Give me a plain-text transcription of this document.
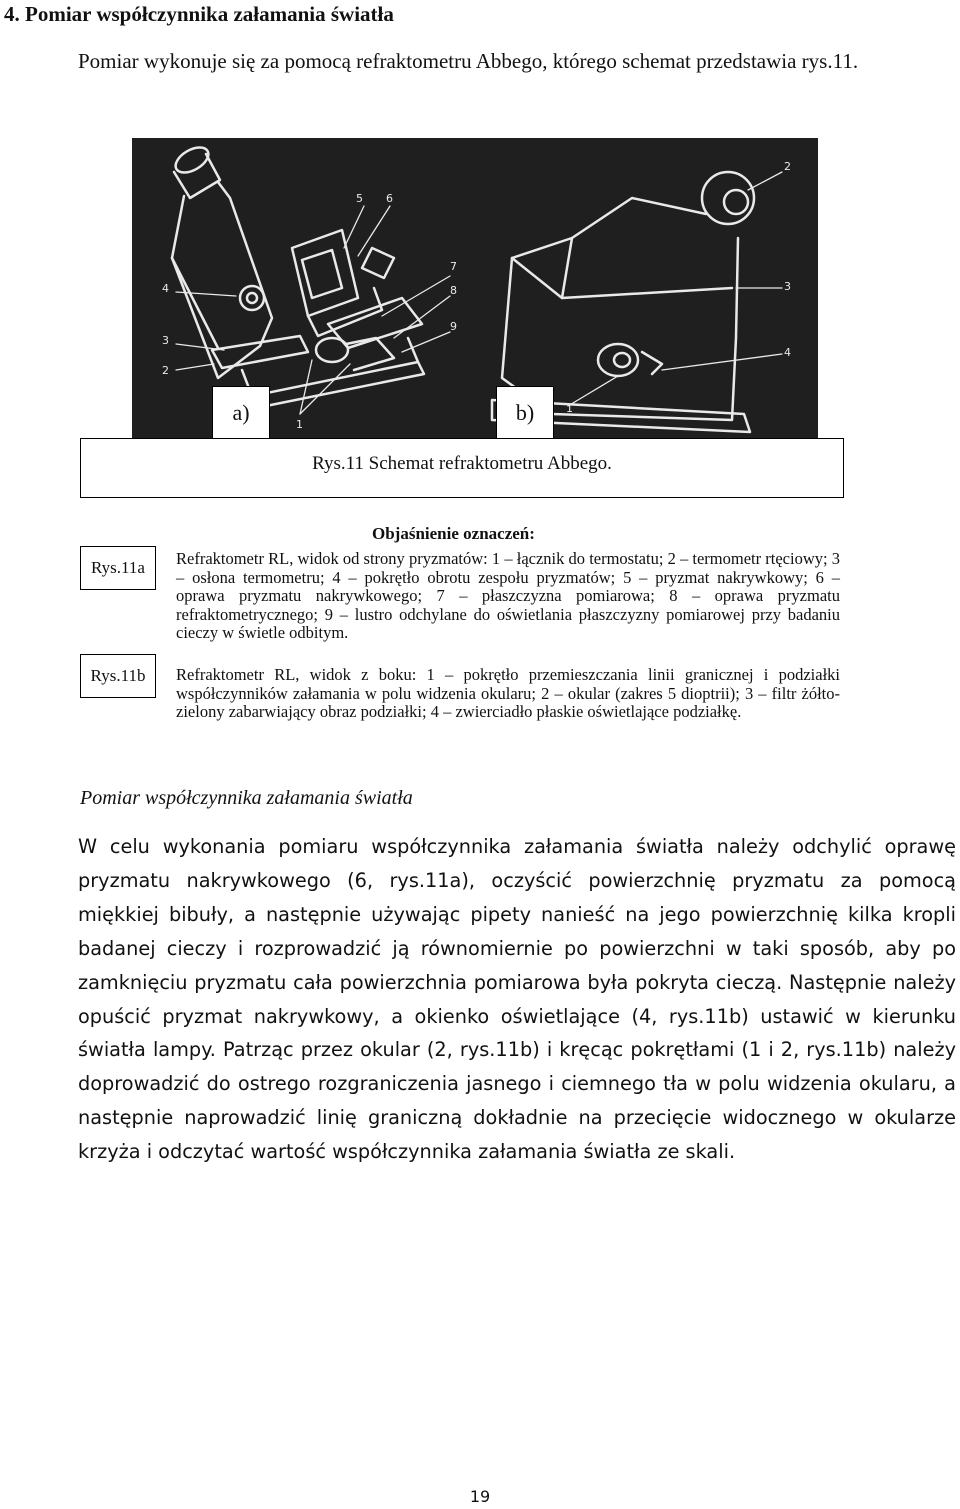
4. Pomiar współczynnika załamania światła
Pomiar wykonuje się za pomocą refraktometru Abbego, którego schemat przedstawia rys.11.
5 6
7
8
9
4
3
2
1
2
3
4
1
a)	b)
Rys.11 Schemat refraktometru Abbego.
Objaśnienie oznaczeń:
Rys.11a	Refraktometr RL, widok od strony pryzmatów: 1 – łącznik do termostatu; 2 – termometr rtęciowy; 3 – osłona termometru; 4 – pokrętło obrotu zespołu pryzmatów; 5 – pryzmat nakrywkowy; 6 – oprawa pryzmatu nakrywkowego; 7 – płaszczyzna pomiarowa; 8 – oprawa pryzmatu refraktometrycznego; 9 – lustro odchylane do oświetlania płaszczyzny pomiarowej przy badaniu cieczy w świetle odbitym.
Rys.11b	Refraktometr RL, widok z boku: 1 – pokrętło przemieszczania linii granicznej i podziałki współczynników załamania w polu widzenia okularu; 2 – okular (zakres 5 dioptrii); 3 – filtr żółto-zielony zabarwiający obraz podziałki; 4 – zwierciadło płaskie oświetlające podziałkę.
Pomiar współczynnika załamania światła
W celu wykonania pomiaru współczynnika załamania światła należy odchylić oprawę pryzmatu nakrywkowego (6, rys.11a), oczyścić powierzchnię pryzmatu za pomocą miękkiej bibuły, a następnie używając pipety nanieść na jego powierzchnię kilka kropli badanej cieczy i rozprowadzić ją równomiernie po powierzchni w taki sposób, aby po zamknięciu pryzmatu cała powierzchnia pomiarowa była pokryta cieczą. Następnie należy opuścić pryzmat nakrywkowy, a okienko oświetlające (4, rys.11b) ustawić w kierunku światła lampy. Patrząc przez okular (2, rys.11b) i kręcąc pokrętłami (1 i 2, rys.11b) należy doprowadzić do ostrego rozgraniczenia jasnego i ciemnego tła w polu widzenia okularu, a następnie naprowadzić linię graniczną dokładnie na przecięcie widocznego w okularze krzyża i odczytać wartość współczynnika załamania światła ze skali.
19
